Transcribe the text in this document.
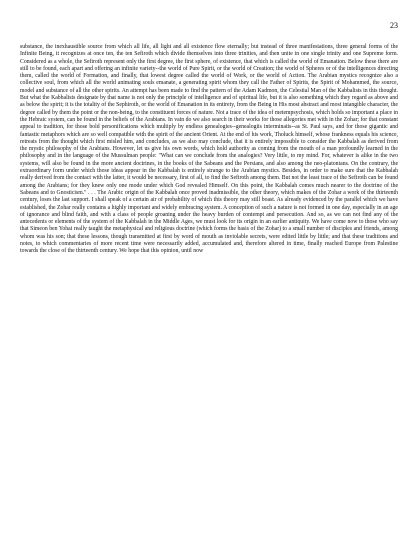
23

substance, the inexhaustible source from which all life, all light and all existence flow eternally; but instead of three manifestations, three general forms of the Infinite Being, it recognizes at once ten, the ten Sefiroth which divide themselves into three trinities, and then unite in one single trinity and one Supreme form. Considered as a whole, the Sefiroth represent only the first degree, the first sphere, of existence, that which is called the world of Emanation. Below these there are still to be found, each apart and offering an infinite variety--the world of Pure Spirit, or the world of Creation; the world of Spheres or of the intelligences directing them, called the world of Formation, and finally, that lowest degree called the world of Work, or the world of Action. The Arabian mystics recognize also a collective soul, from which all the world animating souls emanate, a generating spirit whom they call the Father of Spirits, the Spirit of Mohammed, the source, model and substance of all the other spirits. An attempt has been made to find the pattern of the Adam Kadmon, the Celestial Man of the Kabbalists in this thought. But what the Kabbalists designate by that name is not only the principle of intelligence and of spiritual life, but it is also something which they regard as above and as below the spirit; it is the totality of the Sephiroth, or the world of Emanation in its entirety, from the Being in His most abstract and most intangible character, the degree called by them the point or the non-being, to the constituent forces of nature. Not a trace of the idea of metempsychosis, which holds so important a place in the Hebraic system, can be found in the beliefs of the Arabians. In vain do we also search in their works for those allegories met with in the Zohar; for that constant appeal to tradition, for those bold personifications which multiply by endless genealogies--genealogiis interminatis--as St. Paul says, and for those gigantic and fantastic metaphors which are so well compatible with the spirit of the ancient Orient. At the end of his work, Tholuck himself, whose frankness equals his science, retreats from the thought which first misled him, and concludes, as we also may conclude, that it is entirely impossible to consider the Kabbalah as derived from the mystic philosophy of the Arabians. However, let us give his own words, which hold authority as coming from the mouth of a man profoundly learned in the philosophy and in the language of the Mussulman people: "What can we conclude from the analogies? Very little, to my mind. For, whatever is alike in the two systems, will also be found in the more ancient doctrines, in the books of the Sabeans and the Persians, and also among the neo-platonians. On the contrary, the extraordinary form under which those ideas appear in the Kabbalah is entirely strange to the Arabian mystics. Besides, in order to make sure that the Kabbalah really derived from the contact with the latter, it would be necessary, first of all, to find the Sefiroth among them. But not the least trace of the Sefiroth can be found among the Arabians; for they knew only one mode under which God revealed Himself. On this point, the Kabbalah comes much nearer to the doctrine of the Sabeans and to Gnosticism." . . . The Arabic origin of the Kabbalah once proved inadmissible, the other theory, which makes of the Zohar a work of the thirteenth century, loses the last support. I shall speak of a certain air of probability of which this theory may still boast. As already evidenced by the parallel which we have established, the Zohar really contains a highly important and widely embracing system. A conception of such a nature is not formed in one day, especially in an age of ignorance and blind faith, and with a class of people groaning under the heavy burden of contempt and persecution. And so, as we can not find any of the antecedents or elements of the system of the Kabbalah in the Middle Ages, we must look for its origin in an earlier antiquity. We have come now to those who say that Simeon ben Yohai really taught the metaphysical and religious doctrine (which forms the basis of the Zohar) to a small number of disciples and friends, among whom was his son; that these lessons, though transmitted at first by word of mouth as inviolable secrets, were edited little by little; and that these traditions and notes, to which commentaries of more recent time were necessarily added, accumulated and, therefore altered in time, finally reached Europe from Palestine towards the close of the thirteenth century. We hope that this opinion, until now
